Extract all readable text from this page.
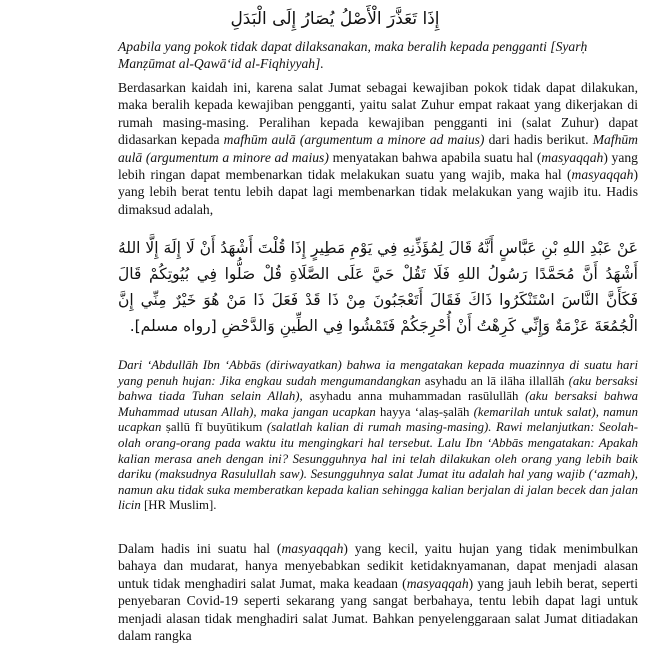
إِذَا تَعَذَّرَ الْأَصْلُ يُصَارُ إِلَى الْبَدَلِ
Apabila yang pokok tidak dapat dilaksanakan, maka beralih kepada pengganti [Syarḥ Manẓūmat al-Qawā‘id al-Fiqhiyyah].
Berdasarkan kaidah ini, karena salat Jumat sebagai kewajiban pokok tidak dapat dilakukan, maka beralih kepada kewajiban pengganti, yaitu salat Zuhur empat rakaat yang dikerjakan di rumah masing-masing. Peralihan kepada kewajiban pengganti ini (salat Zuhur) dapat didasarkan kepada mafhūm aulā (argumentum a minore ad maius) dari hadis berikut. Mafhūm aulā (argumentum a minore ad maius) menyatakan bahwa apabila suatu hal (masyaqqah) yang lebih ringan dapat membenarkan tidak melakukan suatu yang wajib, maka hal (masyaqqah) yang lebih berat tentu lebih dapat lagi membenarkan tidak melakukan yang wajib itu. Hadis dimaksud adalah,
عَنْ عَبْدِ اللهِ بْنِ عَبَّاسٍ أَنَّهُ قَالَ لِمُؤَذِّنِهِ فِي يَوْمِ مَطِيرٍ إِذَا قُلْتَ أَشْهَدُ أَنْ لَا إِلَهَ إِلَّا اللهُ أَشْهَدُ أَنَّ مُحَمَّدًا رَسُولُ اللهِ فَلَا تَقُلْ حَيَّ عَلَى الصَّلَاةِ قُلْ صَلُّوا فِي بُيُوتِكُمْ قَالَ فَكَأَنَّ النَّاسَ اسْتَنْكَرُوا ذَاكَ فَقَالَ أَتَعْجَبُونَ مِنْ ذَا قَدْ فَعَلَ ذَا مَنْ هُوَ خَيْرٌ مِنِّي إِنَّ الْجُمُعَةَ عَزْمَةٌ وَإِنِّي كَرِهْتُ أَنْ أُحْرِجَكُمْ فَتَمْشُوا فِي الطِّينِ وَالدَّحْضِ [رواه مسلم].
Dari ‘Abdullāh Ibn ‘Abbās (diriwayatkan) bahwa ia mengatakan kepada muazinnya di suatu hari yang penuh hujan: Jika engkau sudah mengumandangkan asyhadu an lā ilāha illallāh (aku bersaksi bahwa tiada Tuhan selain Allah), asyhadu anna muhammadan rasūlullāh (aku bersaksi bahwa Muhammad utusan Allah), maka jangan ucapkan hayya ‘alaṣ-ṣalāh (kemarilah untuk salat), namun ucapkan ṣallū fī buyūtikum (salatlah kalian di rumah masing-masing). Rawi melanjutkan: Seolah-olah orang-orang pada waktu itu mengingkari hal tersebut. Lalu Ibn ‘Abbās mengatakan: Apakah kalian merasa aneh dengan ini? Sesungguhnya hal ini telah dilakukan oleh orang yang lebih baik dariku (maksudnya Rasulullah saw). Sesungguhnya salat Jumat itu adalah hal yang wajib (‘azmah), namun aku tidak suka memberatkan kepada kalian sehingga kalian berjalan di jalan becek dan jalan licin [HR Muslim].
Dalam hadis ini suatu hal (masyaqqah) yang kecil, yaitu hujan yang tidak menimbulkan bahaya dan mudarat, hanya menyebabkan sedikit ketidaknyamanan, dapat menjadi alasan untuk tidak menghadiri salat Jumat, maka keadaan (masyaqqah) yang jauh lebih berat, seperti penyebaran Covid-19 seperti sekarang yang sangat berbahaya, tentu lebih dapat lagi untuk menjadi alasan tidak menghadiri salat Jumat. Bahkan penyelenggaraan salat Jumat ditiadakan dalam rangka
